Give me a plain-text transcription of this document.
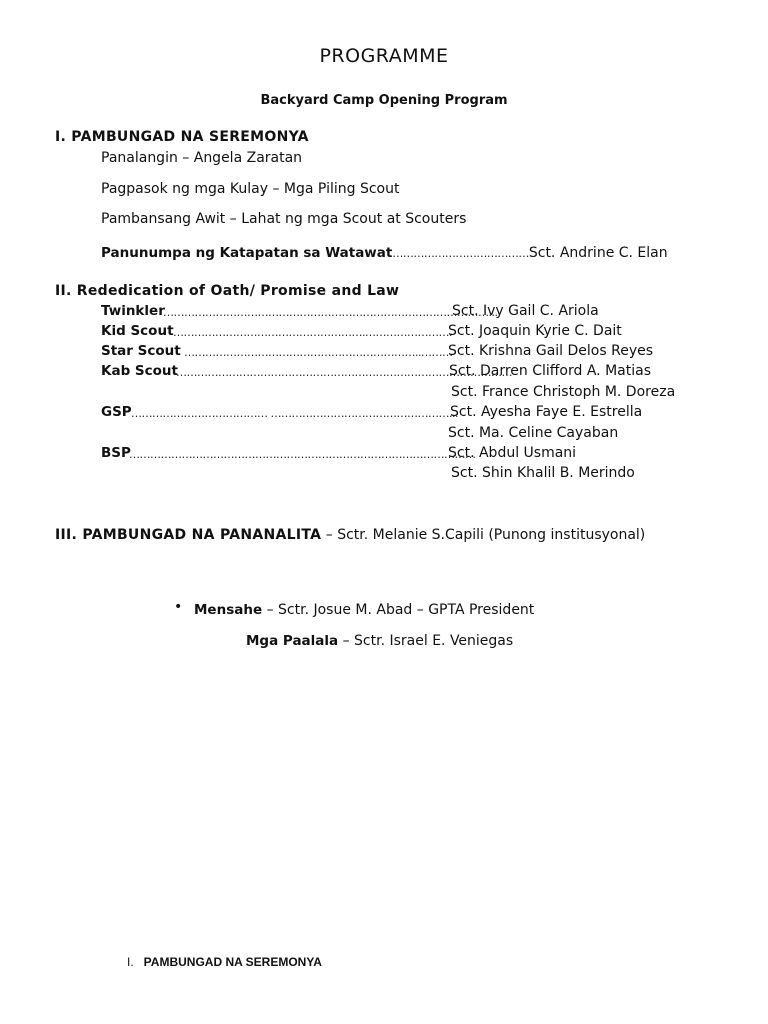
PROGRAMME
Backyard Camp Opening Program
I. PAMBUNGAD NA SEREMONYA
Panalangin – Angela Zaratan
Pagpasok ng mga Kulay – Mga Piling Scout
Pambansang Awit – Lahat ng mga Scout at Scouters
Panunumpa ng Katapatan sa Watawat…………………………………Sct. Andrine C. Elan
II. Rededication of Oath/ Promise and Law
Twinkler
…………………………………………………………………………………...
Sct. Ivy Gail C. Ariola
Kid Scout ……………………………………………….…………………….
Sct. Joaquin Kyrie C. Dait
Star Scout …………………………………………………………..………
Sct. Krishna Gail Delos Reyes
Kab Scout
……………………………………………………………………………………
Sct. Darren Clifford A. Matias
Sct. France Christoph M. Doreza
GSP ………………………………… ……………………………………………...
Sct. Ayesha Faye E. Estrella
Sct. Ma. Celine Cayaban
BSP
………………………………………………………………………………………
Sct. Abdul Usmani
Sct. Shin Khalil B. Merindo
III. PAMBUNGAD NA PANANALITA – Sctr. Melanie S.Capili (Punong institusyonal)
• Mensahe – Sctr. Josue M. Abad – GPTA President
Mga Paalala – Sctr. Israel E. Veniegas
I. PAMBUNGAD NA SEREMONYA
